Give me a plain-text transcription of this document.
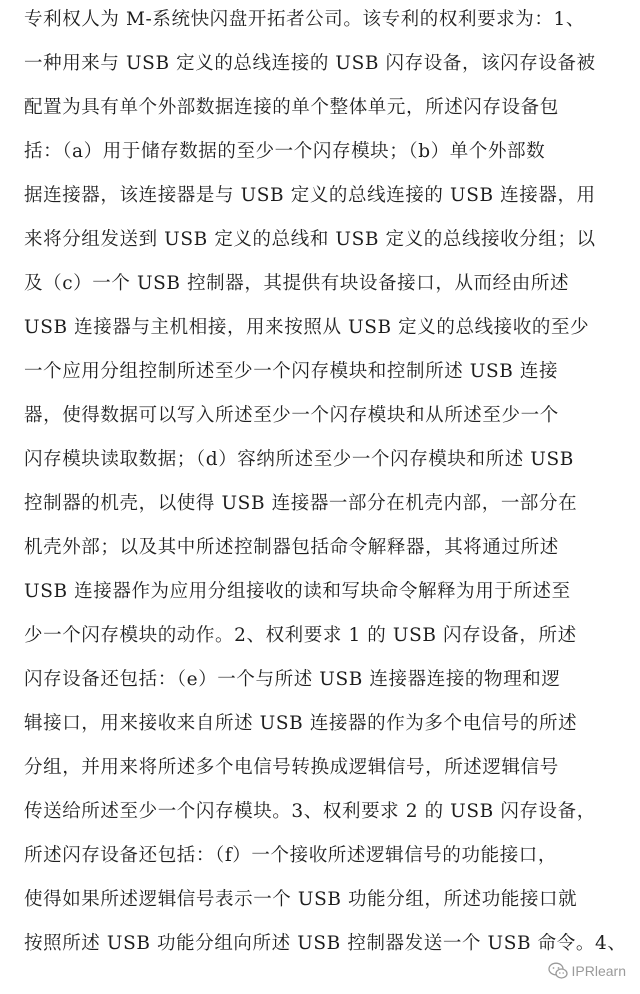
专利权人为 M-系统快闪盘开拓者公司。该专利的权利要求为：1、
一种用来与 USB 定义的总线连接的 USB 闪存设备，该闪存设备被
配置为具有单个外部数据连接的单个整体单元，所述闪存设备包
括：（a）用于储存数据的至少一个闪存模块；（b）单个外部数
据连接器，该连接器是与 USB 定义的总线连接的 USB 连接器，用
来将分组发送到 USB 定义的总线和 USB 定义的总线接收分组；以
及（c）一个 USB 控制器，其提供有块设备接口，从而经由所述
USB 连接器与主机相接，用来按照从 USB 定义的总线接收的至少
一个应用分组控制所述至少一个闪存模块和控制所述 USB 连接
器，使得数据可以写入所述至少一个闪存模块和从所述至少一个
闪存模块读取数据；（d）容纳所述至少一个闪存模块和所述 USB
控制器的机壳，以使得 USB 连接器一部分在机壳内部，一部分在
机壳外部；以及其中所述控制器包括命令解释器，其将通过所述
USB 连接器作为应用分组接收的读和写块命令解释为用于所述至
少一个闪存模块的动作。2、权利要求 1 的 USB 闪存设备，所述
闪存设备还包括：（e）一个与所述 USB 连接器连接的物理和逻
辑接口，用来接收来自所述 USB 连接器的作为多个电信号的所述
分组，并用来将所述多个电信号转换成逻辑信号，所述逻辑信号
传送给所述至少一个闪存模块。3、权利要求 2 的 USB 闪存设备，
所述闪存设备还包括：（f）一个接收所述逻辑信号的功能接口，
使得如果所述逻辑信号表示一个 USB 功能分组，所述功能接口就
按照所述 USB 功能分组向所述 USB 控制器发送一个 USB 命令。4、
IPRlearn
